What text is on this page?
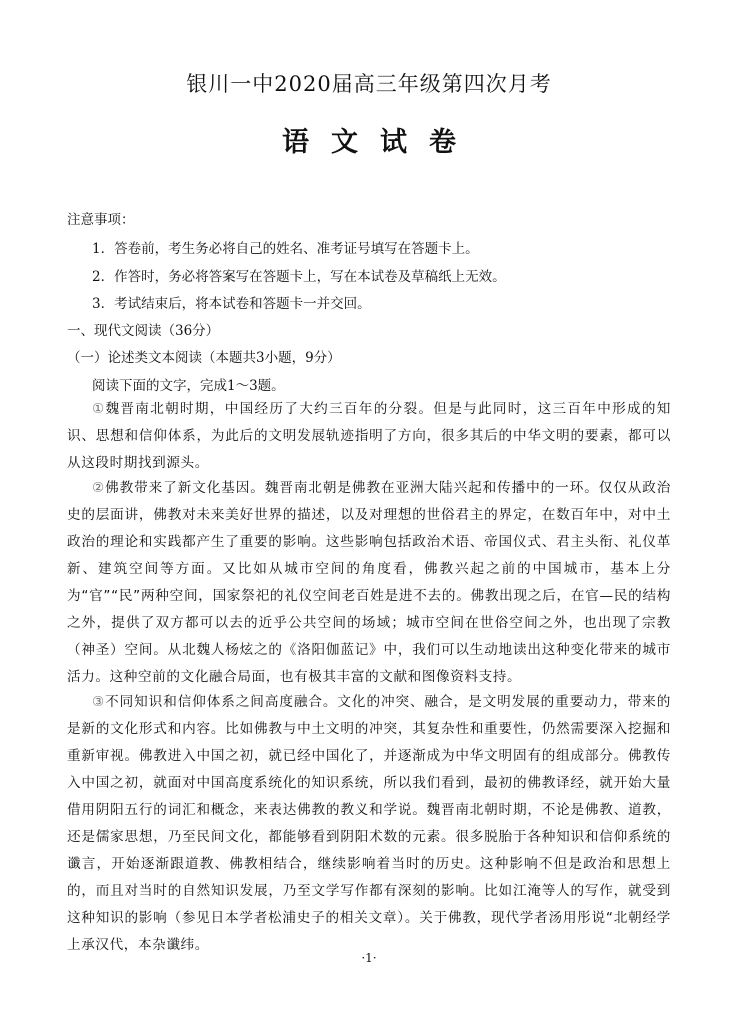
银川一中2020届高三年级第四次月考
语文试卷
注意事项：
1．答卷前，考生务必将自己的姓名、准考证号填写在答题卡上。
2．作答时，务必将答案写在答题卡上，写在本试卷及草稿纸上无效。
3．考试结束后，将本试卷和答题卡一并交回。
一、现代文阅读（36分）
（一）论述类文本阅读（本题共3小题，9分）
阅读下面的文字，完成1～3题。
①魏晋南北朝时期，中国经历了大约三百年的分裂。但是与此同时，这三百年中形成的知识、思想和信仰体系，为此后的文明发展轨迹指明了方向，很多其后的中华文明的要素，都可以从这段时期找到源头。
②佛教带来了新文化基因。魏晋南北朝是佛教在亚洲大陆兴起和传播中的一环。仅仅从政治史的层面讲，佛教对未来美好世界的描述，以及对理想的世俗君主的界定，在数百年中，对中土政治的理论和实践都产生了重要的影响。这些影响包括政治术语、帝国仪式、君主头衔、礼仪革新、建筑空间等方面。又比如从城市空间的角度看，佛教兴起之前的中国城市，基本上分为“官”“民”两种空间，国家祭祀的礼仪空间老百姓是进不去的。佛教出现之后，在官—民的结构之外，提供了双方都可以去的近乎公共空间的场域；城市空间在世俗空间之外，也出现了宗教（神圣）空间。从北魏人杨炫之的《洛阳伽蓝记》中，我们可以生动地读出这种变化带来的城市活力。这种空前的文化融合局面，也有极其丰富的文献和图像资料支持。
③不同知识和信仰体系之间高度融合。文化的冲突、融合，是文明发展的重要动力，带来的是新的文化形式和内容。比如佛教与中土文明的冲突，其复杂性和重要性，仍然需要深入挖掘和重新审视。佛教进入中国之初，就已经中国化了，并逐渐成为中华文明固有的组成部分。佛教传入中国之初，就面对中国高度系统化的知识系统，所以我们看到，最初的佛教译经，就开始大量借用阴阳五行的词汇和概念，来表达佛教的教义和学说。魏晋南北朝时期，不论是佛教、道教，还是儒家思想，乃至民间文化，都能够看到阴阳术数的元素。很多脱胎于各种知识和信仰系统的谶言，开始逐渐跟道教、佛教相结合，继续影响着当时的历史。这种影响不但是政治和思想上的，而且对当时的自然知识发展，乃至文学写作都有深刻的影响。比如江淹等人的写作，就受到这种知识的影响（参见日本学者松浦史子的相关文章）。关于佛教，现代学者汤用彤说“北朝经学上承汉代，本杂谶纬。
·1·
